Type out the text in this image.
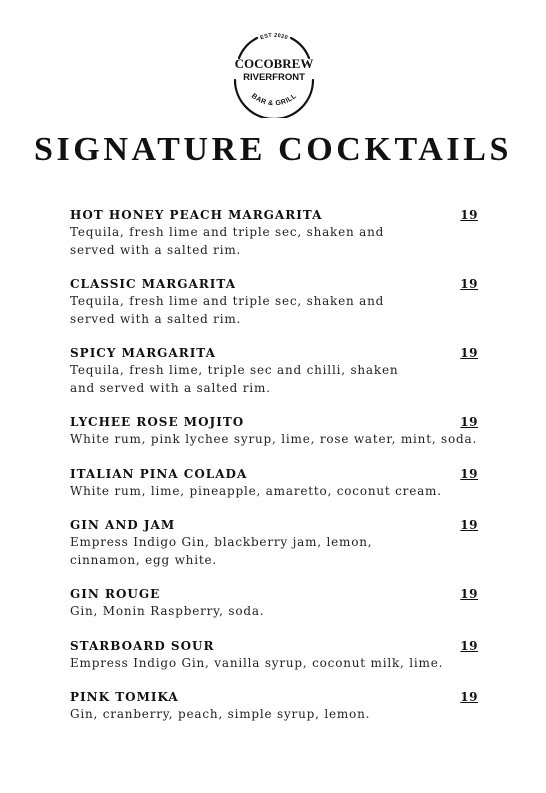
EST 2020
COCOBREW
RIVERFRONT
BAR & GRILL
SIGNATURE COCKTAILS
HOT HONEY PEACH MARGARITA	19
Tequila, fresh lime and triple sec, shaken and served with a salted rim.
CLASSIC MARGARITA	19
Tequila, fresh lime and triple sec, shaken and served with a salted rim.
SPICY MARGARITA	19
Tequila, fresh lime, triple sec and chilli, shaken and served with a salted rim.
LYCHEE ROSE MOJITO	19
White rum, pink lychee syrup, lime, rose water, mint, soda.
ITALIAN PINA COLADA	19
White rum, lime, pineapple, amaretto, coconut cream.
GIN AND JAM	19
Empress Indigo Gin, blackberry jam, lemon, cinnamon, egg white.
GIN ROUGE	19
Gin, Monin Raspberry, soda.
STARBOARD SOUR	19
Empress Indigo Gin, vanilla syrup, coconut milk, lime.
PINK TOMIKA	19
Gin, cranberry, peach, simple syrup, lemon.
